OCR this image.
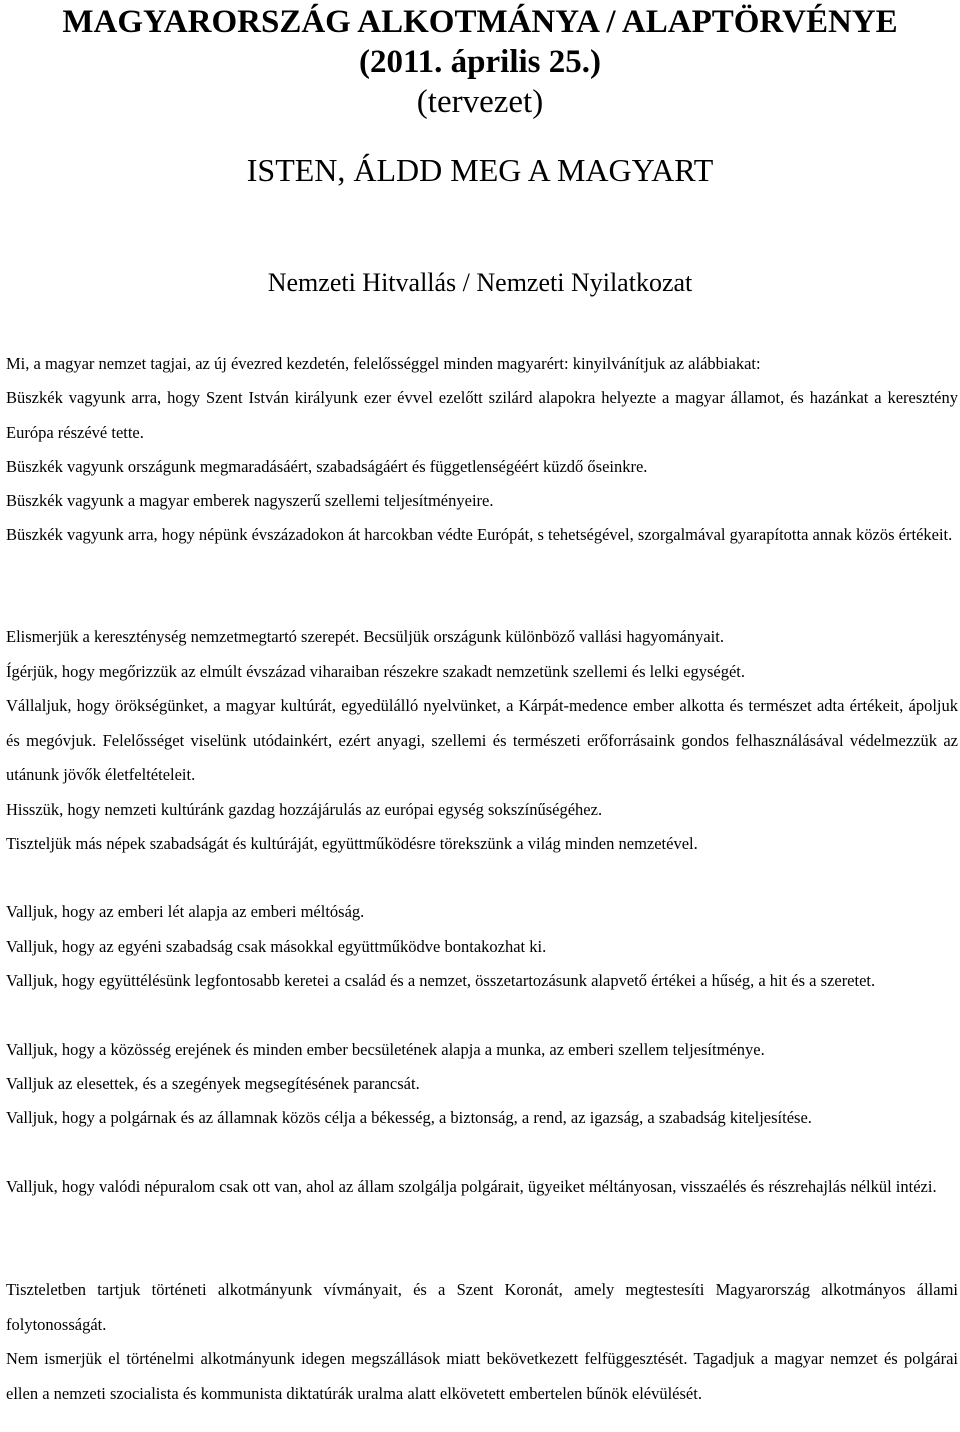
MAGYARORSZÁG ALKOTMÁNYA / ALAPTÖRVÉNYE
(2011. április 25.)
(tervezet)
ISTEN, ÁLDD MEG A MAGYART
Nemzeti Hitvallás / Nemzeti Nyilatkozat

Mi, a magyar nemzet tagjai, az új évezred kezdetén, felelősséggel minden magyarért: kinyilvánítjuk az alábbiakat:

Büszkék vagyunk arra, hogy Szent István királyunk ezer évvel ezelőtt szilárd alapokra helyezte a magyar államot, és hazánkat a keresztény Európa részévé tette.

Büszkék vagyunk országunk megmaradásáért, szabadságáért és függetlenségéért küzdő őseinkre.

Büszkék vagyunk a magyar emberek nagyszerű szellemi teljesítményeire.

Büszkék vagyunk arra, hogy népünk évszázadokon át harcokban védte Európát, s tehetségével, szorgalmával gyarapította annak közös értékeit.

Elismerjük a kereszténység nemzetmegtartó szerepét. Becsüljük országunk különböző vallási hagyományait.

Ígérjük, hogy megőrizzük az elmúlt évszázad viharaiban részekre szakadt nemzetünk szellemi és lelki egységét.

Vállaljuk, hogy örökségünket, a magyar kultúrát, egyedülálló nyelvünket, a Kárpát-medence ember alkotta és természet adta értékeit, ápoljuk és megóvjuk. Felelősséget viselünk utódainkért, ezért anyagi, szellemi és természeti erőforrásaink gondos felhasználásával védelmezzük az utánunk jövők életfeltételeit.

Hisszük, hogy nemzeti kultúránk gazdag hozzájárulás az európai egység sokszínűségéhez.

Tiszteljük más népek szabadságát és kultúráját, együttműködésre törekszünk a világ minden nemzetével.

Valljuk, hogy az emberi lét alapja az emberi méltóság.

Valljuk, hogy az egyéni szabadság csak másokkal együttműködve bontakozhat ki.

Valljuk, hogy együttélésünk legfontosabb keretei a család és a nemzet, összetartozásunk alapvető értékei a hűség, a hit és a szeretet.

Valljuk, hogy a közösség erejének és minden ember becsületének alapja a munka, az emberi szellem teljesítménye.

Valljuk az elesettek, és a szegények megsegítésének parancsát.

Valljuk, hogy a polgárnak és az államnak közös célja a békesség, a biztonság, a rend, az igazság, a szabadság kiteljesítése.

Valljuk, hogy valódi népuralom csak ott van, ahol az állam szolgálja polgárait, ügyeiket méltányosan, visszaélés és részrehajlás nélkül intézi.

Tiszteletben tartjuk történeti alkotmányunk vívmányait, és a Szent Koronát, amely megtestesíti Magyarország alkotmányos állami folytonosságát.

Nem ismerjük el történelmi alkotmányunk idegen megszállások miatt bekövetkezett felfüggesztését. Tagadjuk a magyar nemzet és polgárai ellen a nemzeti szocialista és kommunista diktatúrák uralma alatt elkövetett embertelen bűnök elévülését.
